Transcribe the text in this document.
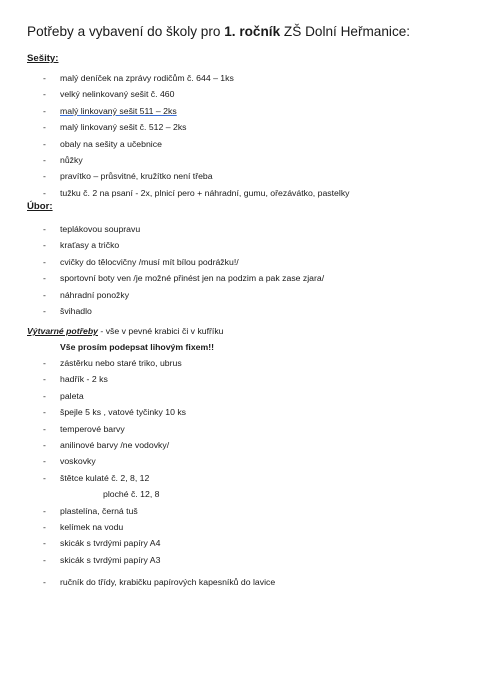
Potřeby a vybavení do školy pro 1. ročník ZŠ Dolní Heřmanice:
Sešity:
- malý deníček na zprávy rodičům č. 644 – 1ks
- velký nelinkovaný sešit č. 460
- malý linkovaný sešit 511 – 2ks
- malý linkovaný sešit č. 512 – 2ks
- obaly na sešity a učebnice
- nůžky
- pravítko – průsvitné, kružítko není třeba
- tužku č. 2 na psaní - 2x, plnicí pero + náhradní, gumu, ořezávátko, pastelky
Úbor:
- teplákovou soupravu
- kraťasy a tričko
- cvičky do tělocvičny /musí mít bílou podrážku!/
- sportovní boty ven /je možné přinést jen na podzim a pak zase zjara/
- náhradní ponožky
- švihadlo
Výtvarné potřeby - vše v pevné krabici či v kufříku
Vše prosím podepsat lihovým fixem!!
- zástěrku nebo staré triko, ubrus
- hadřík - 2 ks
- paleta
- špejle 5 ks , vatové tyčinky 10 ks
- temperové barvy
- anilinové barvy /ne vodovky/
- voskovky
- štětce kulaté č. 2, 8, 12
ploché č. 12, 8
- plastelína, černá tuš
- kelímek na vodu
- skicák s tvrdými papíry A4
- skicák s tvrdými papíry A3
- ručník do třídy, krabičku papírových kapesníků do lavice
